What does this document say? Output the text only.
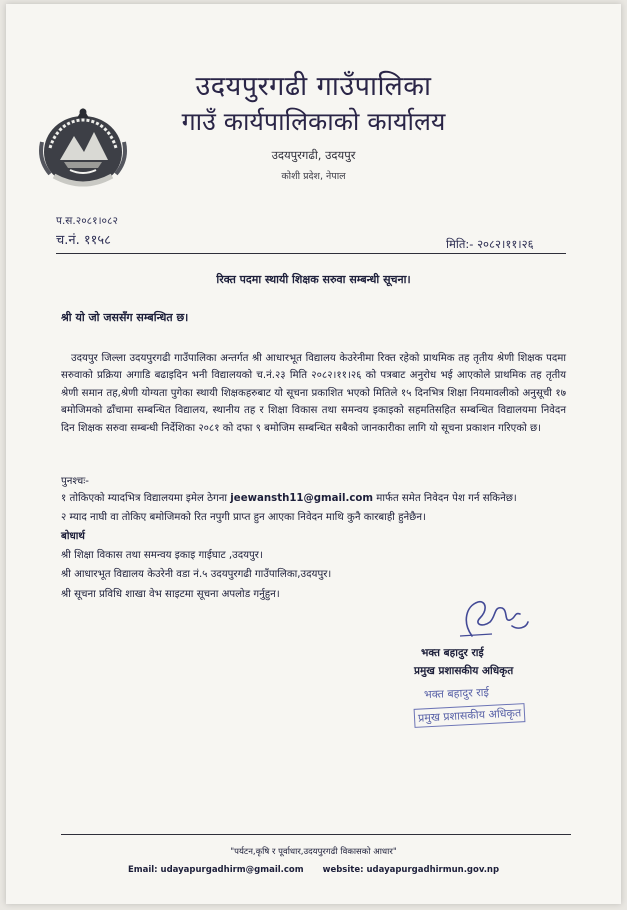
उदयपुरगढी गाउँपालिका
गाउँ कार्यपालिकाको कार्यालय
उदयपुरगढी, उदयपुर
कोशी प्रदेश, नेपाल
प.स.२०८१।०८२
च.नं. ११५८	मिति:- २०८२।११।२६
रिक्त पदमा स्थायी शिक्षक सरुवा सम्बन्धी सूचना।
श्री यो जो जससँग सम्बन्धित छ।
उदयपुर जिल्ला उदयपुरगढी गाउँपालिका अन्तर्गत श्री आधारभूत विद्यालय केउरेनीमा रिक्त रहेको प्राथमिक तह तृतीय श्रेणी शिक्षक पदमा सरुवाको प्रक्रिया अगाडि बढाइदिन भनी विद्यालयको च.नं.२३ मिति २०८२।११।२६ को पत्रबाट अनुरोध भई आएकोले प्राथमिक तह तृतीय श्रेणी समान तह,श्रेणी योग्यता पुगेका स्थायी शिक्षकहरुबाट यो सूचना प्रकाशित भएको मितिले १५ दिनभित्र शिक्षा नियमावलीको अनुसूची १७ बमोजिमको ढाँचामा सम्बन्धित विद्यालय, स्थानीय तह र शिक्षा विकास तथा समन्वय इकाइको सहमतिसहित सम्बन्धित विद्यालयमा निवेदन दिन शिक्षक सरुवा सम्बन्धी निर्देशिका २०८१ को दफा ९ बमोजिम सम्बन्धित सबैको जानकारीका लागि यो सूचना प्रकाशन गरिएको छ।
पुनश्चः-
१ तोकिएको म्यादभित्र विद्यालयमा इमेल ठेगना jeewansth11@gmail.com मार्फत समेत निवेदन पेश गर्न सकिनेछ।
२ म्याद नाघी वा तोकिए बमोजिमको रित नपुगी प्राप्त हुन आएका निवेदन माथि कुनै कारबाही हुनेछैन।
बोधार्थ
श्री शिक्षा विकास तथा समन्वय इकाइ गाईघाट ,उदयपुर।
श्री आधारभूत विद्यालय केउरेनी वडा नं.५ उदयपुरगढी गाउँपालिका,उदयपुर।
श्री सूचना प्रविधि शाखा वेभ साइटमा सूचना अपलोड गर्नुहुन।
भक्त बहादुर राई
प्रमुख प्रशासकीय अधिकृत
भक्त बहादुर राई
प्रमुख प्रशासकीय अधिकृत
"पर्यटन,कृषि र पूर्वाधार,उदयपुरगढी विकासको आधार"
Email: udayapurgadhirm@gmail.com website: udayapurgadhirmun.gov.np
